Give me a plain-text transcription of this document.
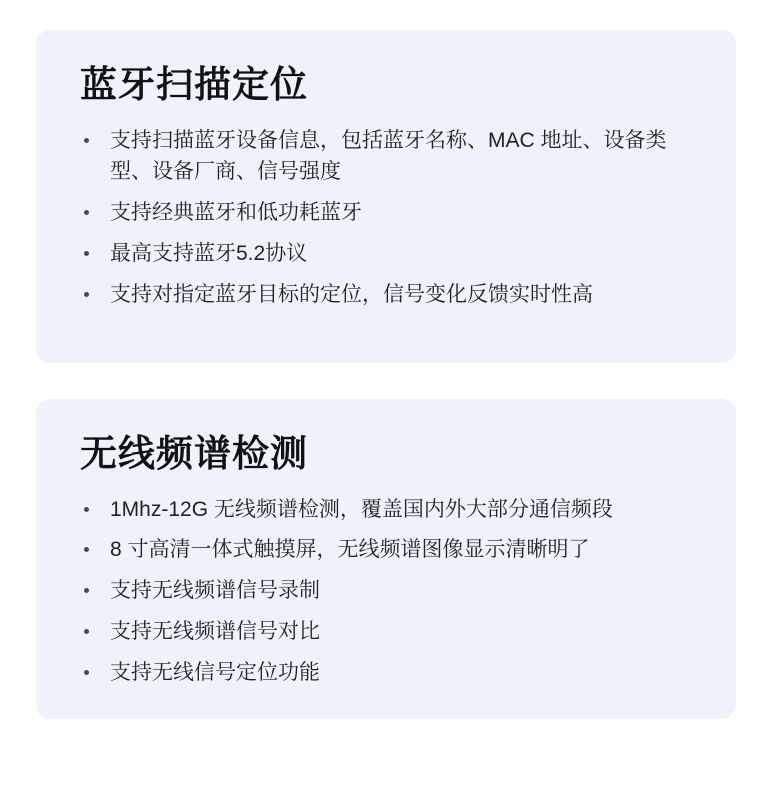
蓝牙扫描定位
支持扫描蓝牙设备信息，包括蓝牙名称、MAC 地址、设备类型、设备厂商、信号强度
支持经典蓝牙和低功耗蓝牙
最高支持蓝牙5.2协议
支持对指定蓝牙目标的定位，信号变化反馈实时性高
无线频谱检测
1Mhz-12G 无线频谱检测，覆盖国内外大部分通信频段
8 寸高清一体式触摸屏，无线频谱图像显示清晰明了
支持无线频谱信号录制
支持无线频谱信号对比
支持无线信号定位功能
